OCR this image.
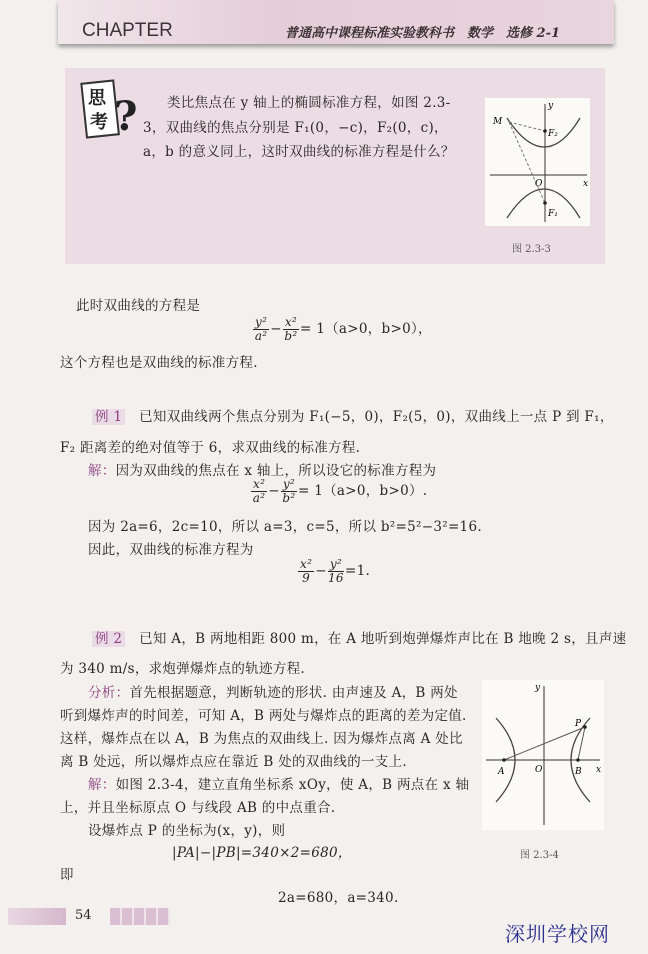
CHAPTER	普通高中课程标准实验教科书　数学　选修 2-1
思
考 ? 类比焦点在 y 轴上的椭圆标准方程，如图 2.3-
3，双曲线的焦点分别是 F₁(0，−c)，F₂(0，c)，
a，b 的意义同上，这时双曲线的标准方程是什么？
y
x
O
M
F₂
F₁
图 2.3-3
此时双曲线的方程是
$\frac{\text{y²}}{\text{a²}} - \frac{\text{x²}}{\text{b²}} = 1(a>0$，b>0），
这个方程也是双曲线的标准方程.
例 1　 已知双曲线两个焦点分别为 F₁(−5，0)，F₂(5，0)，双曲线上一点 P 到 F₁，
F₂ 距离差的绝对值等于 6，求双曲线的标准方程.
解：因为双曲线的焦点在 x 轴上，所以设它的标准方程为
$\frac{\text{x²}}{\text{a²}} - \frac{\text{y²}}{\text{b²}} = 1(a>0$，b>0）.
因为 2a=6，2c=10，所以 a=3，c=5，所以 b²=5²−3²=16.
因此，双曲线的标准方程为
$\frac{\text{x²}}{9} - \frac{\text{y²}}{16} =1$.
例 2　 已知 A，B 两地相距 800 m，在 A 地听到炮弹爆炸声比在 B 地晚 2 s，且声速
为 340 m/s，求炮弹爆炸点的轨迹方程.
分析：首先根据题意，判断轨迹的形状. 由声速及 A，B 两处
听到爆炸声的时间差，可知 A，B 两处与爆炸点的距离的差为定值.
这样，爆炸点在以 A，B 为焦点的双曲线上. 因为爆炸点离 A 处比
离 B 处远，所以爆炸点应在靠近 B 处的双曲线的一支上.
解：如图 2.3-4，建立直角坐标系 xOy，使 A，B 两点在 x 轴
上，并且坐标原点 O 与线段 AB 的中点重合.
设爆炸点 P 的坐标为(x，y)，则
|PA|−|PB|=340×2=680，
即
2a=680，a=340.
y
x
O
A	B
P
图 2.3-4
54
深圳学校网
